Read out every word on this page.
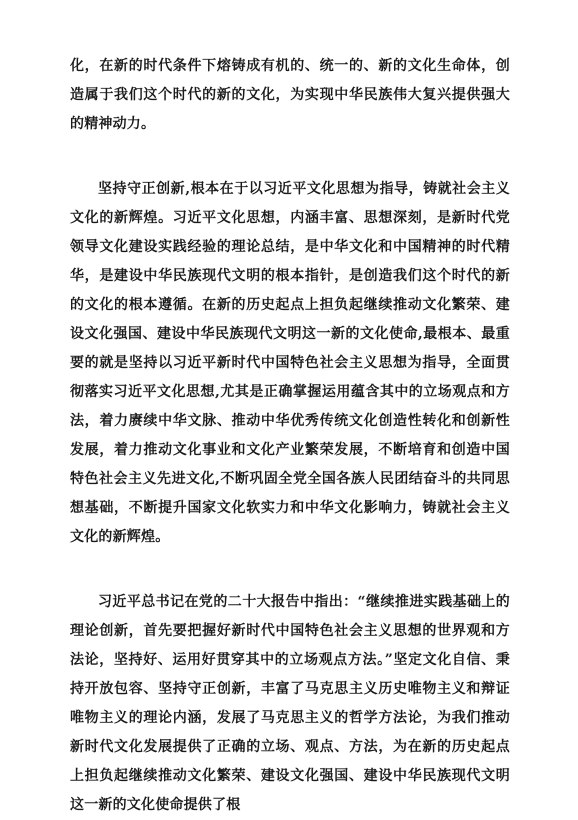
化，在新的时代条件下熔铸成有机的、统一的、新的文化生命体，创造属于我们这个时代的新的文化，为实现中华民族伟大复兴提供强大的精神动力。

坚持守正创新,根本在于以习近平文化思想为指导，铸就社会主义文化的新辉煌。习近平文化思想，内涵丰富、思想深刻，是新时代党领导文化建设实践经验的理论总结，是中华文化和中国精神的时代精华，是建设中华民族现代文明的根本指针，是创造我们这个时代的新的文化的根本遵循。在新的历史起点上担负起继续推动文化繁荣、建设文化强国、建设中华民族现代文明这一新的文化使命,最根本、最重要的就是坚持以习近平新时代中国特色社会主义思想为指导，全面贯彻落实习近平文化思想,尤其是正确掌握运用蕴含其中的立场观点和方法，着力赓续中华文脉、推动中华优秀传统文化创造性转化和创新性发展，着力推动文化事业和文化产业繁荣发展，不断培育和创造中国特色社会主义先进文化,不断巩固全党全国各族人民团结奋斗的共同思想基础，不断提升国家文化软实力和中华文化影响力，铸就社会主义文化的新辉煌。

习近平总书记在党的二十大报告中指出：“继续推进实践基础上的理论创新，首先要把握好新时代中国特色社会主义思想的世界观和方法论，坚持好、运用好贯穿其中的立场观点方法。”坚定文化自信、秉持开放包容、坚持守正创新，丰富了马克思主义历史唯物主义和辩证唯物主义的理论内涵，发展了马克思主义的哲学方法论，为我们推动新时代文化发展提供了正确的立场、观点、方法，为在新的历史起点上担负起继续推动文化繁荣、建设文化强国、建设中华民族现代文明这一新的文化使命提供了根
